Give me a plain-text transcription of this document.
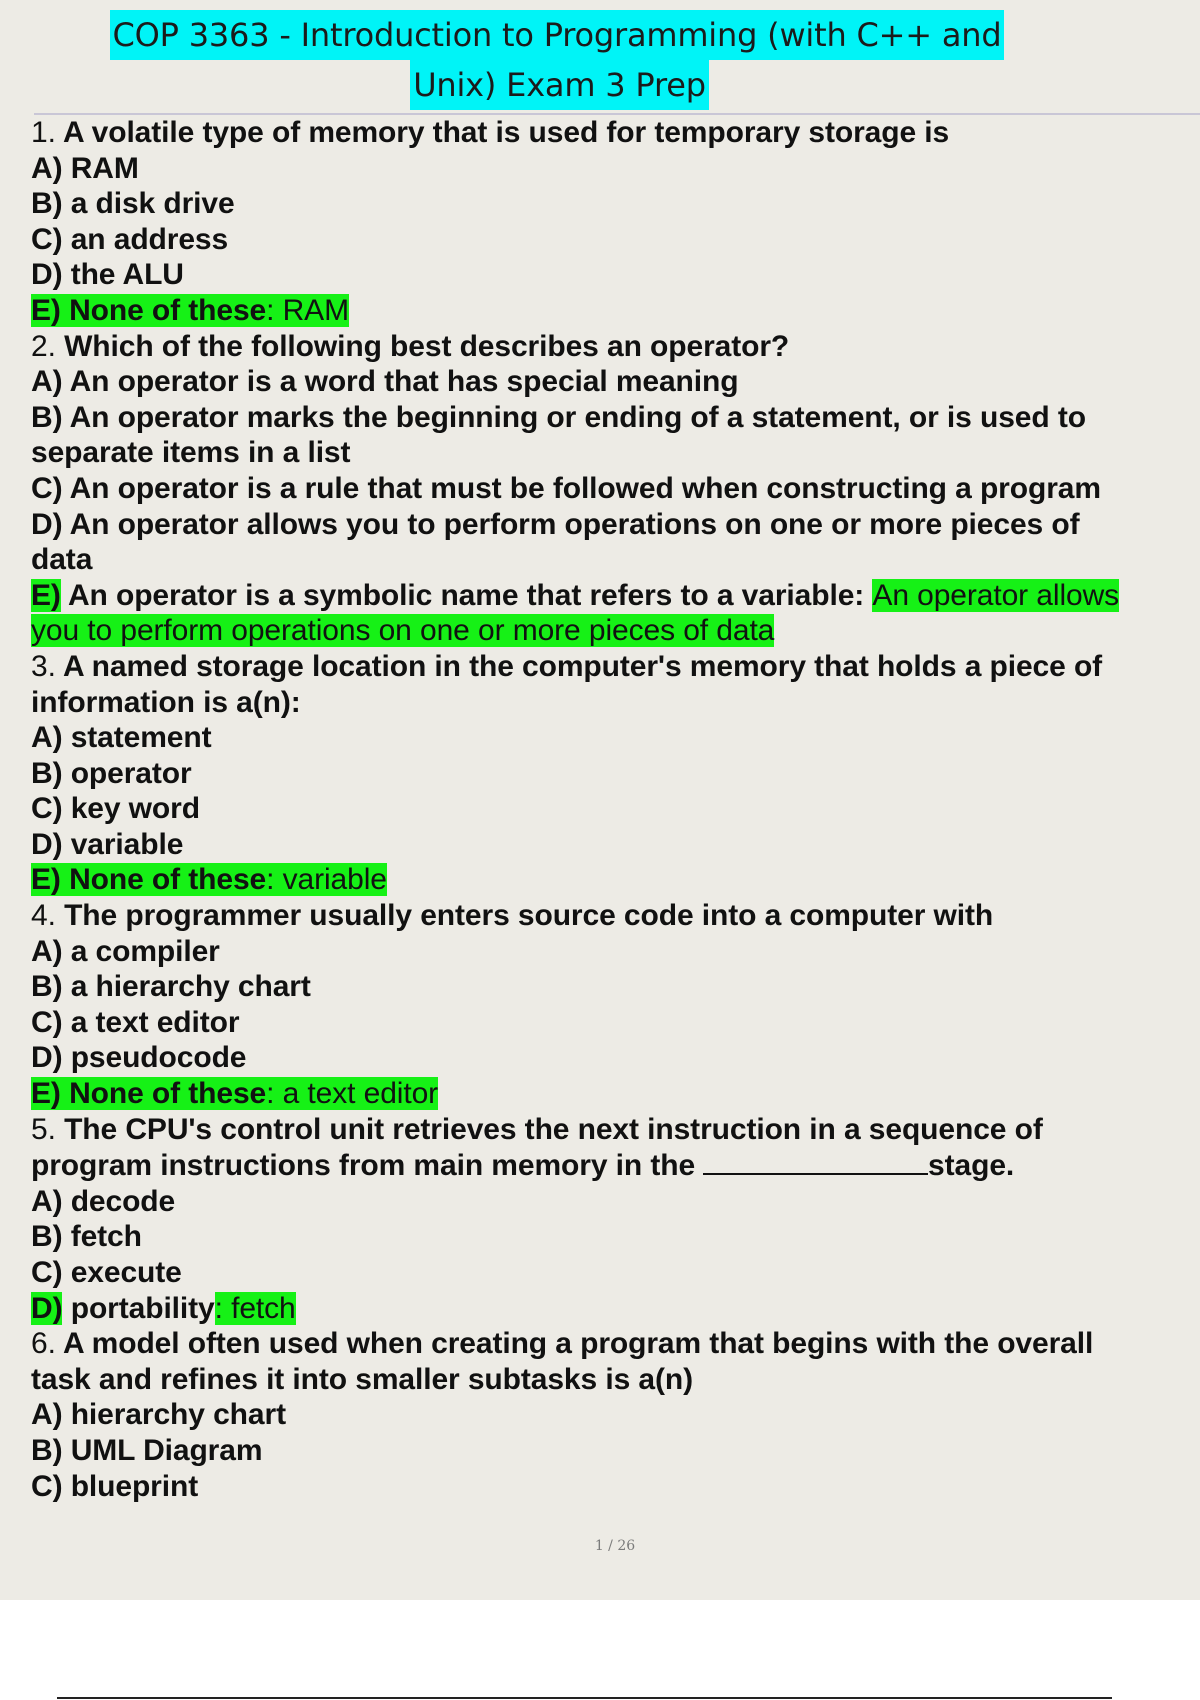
COP 3363 - Introduction to Programming (with C++ and
Unix) Exam 3 Prep
1. A volatile type of memory that is used for temporary storage is
A) RAM
B) a disk drive
C) an address
D) the ALU
E) None of these: RAM
2. Which of the following best describes an operator?
A) An operator is a word that has special meaning
B) An operator marks the beginning or ending of a statement, or is used to
separate items in a list
C) An operator is a rule that must be followed when constructing a program
D) An operator allows you to perform operations on one or more pieces of
data
E) An operator is a symbolic name that refers to a variable: An operator allows
you to perform operations on one or more pieces of data
3. A named storage location in the computer's memory that holds a piece of
information is a(n):
A) statement
B) operator
C) key word
D) variable
E) None of these: variable
4. The programmer usually enters source code into a computer with
A) a compiler
B) a hierarchy chart
C) a text editor
D) pseudocode
E) None of these: a text editor
5. The CPU's control unit retrieves the next instruction in a sequence of
program instructions from main memory in the	stage.
A) decode
B) fetch
C) execute
D) portability: fetch
6. A model often used when creating a program that begins with the overall
task and refines it into smaller subtasks is a(n)
A) hierarchy chart
B) UML Diagram
C) blueprint
1 / 26
